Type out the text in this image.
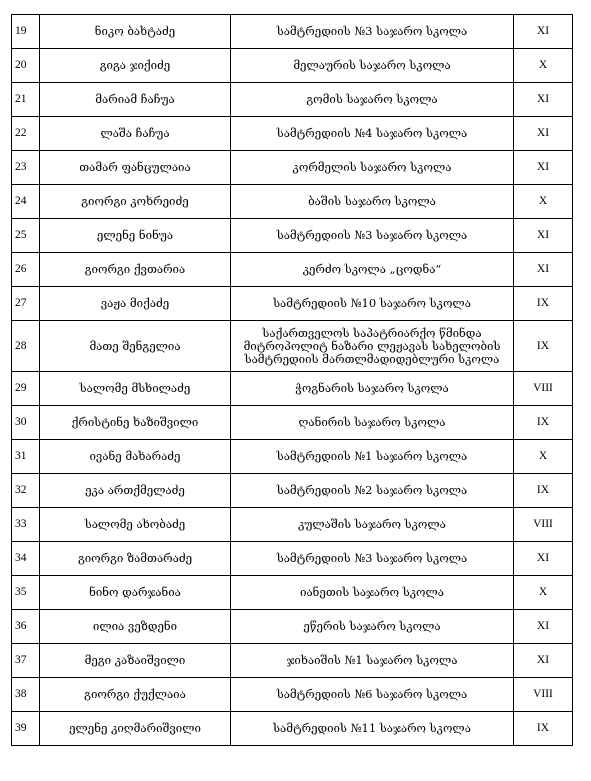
19	ნიკო ბახტაძე	სამტრედიის №3 საჯარო სკოლა	XI
20	გიგა ჯიქიძე	მელაურის საჯარო სკოლა	X
21	მარიამ ჩაჩუა	გომის საჯარო სკოლა	XI
22	ლაშა ჩაჩუა	სამტრედიის №4 საჯარო სკოლა	XI
23	თამარ ფანცულაია	კორმელის საჯარო სკოლა	XI
24	გიორგი კოხრეიძე	ბაშის საჯარო სკოლა	X
25	ელენე ნინუა	სამტრედიის №3 საჯარო სკოლა	XI
26	გიორგი ქვთარია	კერძო სკოლა „ცოდნა“	XI
27	ვაჟა მიქაძე	სამტრედიის №10 საჯარო სკოლა	IX
28	მათე შენგელია	საქართველოს საპატრიარქო წმინდა მიტროპოლიტ ნაზარი ლეჟავას სახელობის სამტრედიის მართლმადიდებლური სკოლა	IX
29	სალომე მსხილაძე	ჭოგნარის საჯარო სკოლა	VIII
30	ქრისტინე ხაზიშვილი	ღანირის საჯარო სკოლა	IX
31	ივანე მახარაძე	სამტრედიის №1 საჯარო სკოლა	X
32	ეკა ართქმელაძე	სამტრედიის №2 საჯარო სკოლა	IX
33	სალომე ახობაძე	კულაშის საჯარო სკოლა	VIII
34	გიორგი ზამთარაძე	სამტრედიის №3 საჯარო სკოლა	XI
35	ნინო დარჯანია	იანეთის საჯარო სკოლა	X
36	ილია ვეზდენი	ეწერის საჯარო სკოლა	XI
37	მეგი კაზაიშვილი	ჯიხაიშის №1 საჯარო სკოლა	XI
38	გიორგი ქუქლაია	სამტრედიის №6 საჯარო სკოლა	VIII
39	ელენე კიღმარიშვილი	სამტრედიის №11 საჯარო სკოლა	IX
